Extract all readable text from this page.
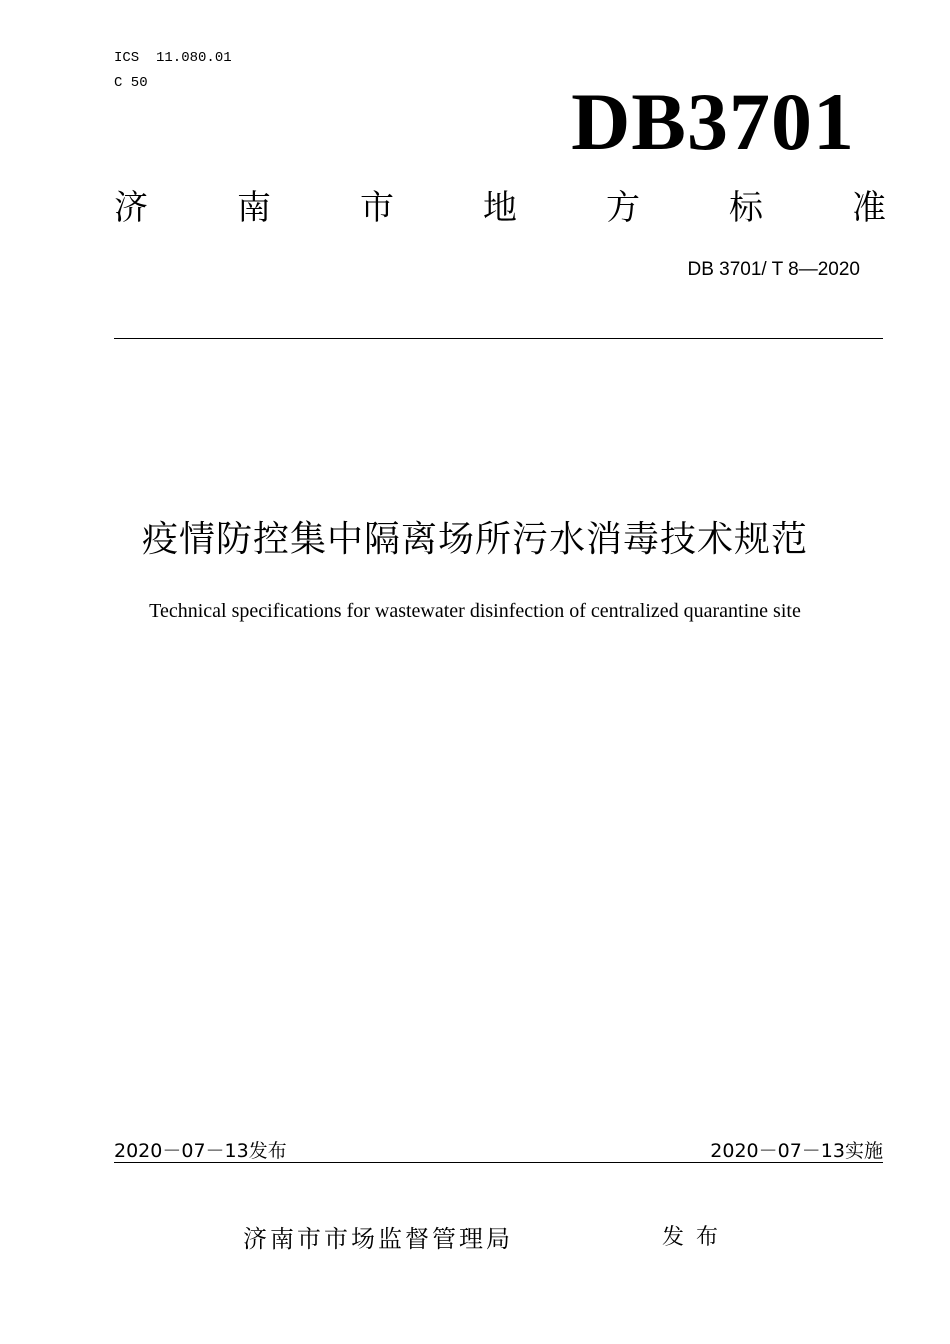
ICS  11.080.01
C 50	DB3701
济	南	市	地	方	标	准
DB 3701/ T 8—2020
疫情防控集中隔离场所污水消毒技术规范
Technical specifications for wastewater disinfection of centralized quarantine site
2020－07－13发布	2020－07－13实施
济南市市场监督管理局	发布
